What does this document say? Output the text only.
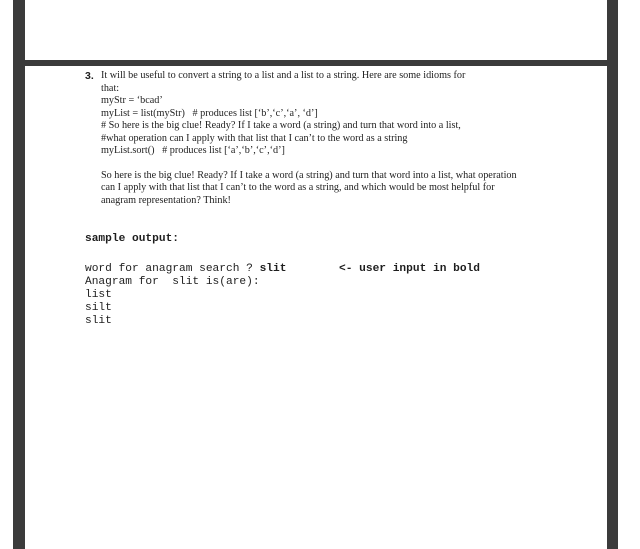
3. It will be useful to convert a string to a list and a list to a string. Here are some idioms for
that:
myStr = ‘bcad’
myList = list(myStr)   # produces list [‘b’,‘c’,‘a’, ‘d’]
# So here is the big clue! Ready? If I take a word (a string) and turn that word into a list,
#what operation can I apply with that list that I can’t to the word as a string
myList.sort()   # produces list [‘a’,‘b’,‘c’,‘d’]
So here is the big clue! Ready? If I take a word (a string) and turn that word into a list, what operation can I apply with that list that I can’t to the word as a string, and which would be most helpful for anagram representation? Think!
sample output:
word for anagram search ? slit	<- user input in bold
Anagram for  slit is(are):
list
silt
slit
